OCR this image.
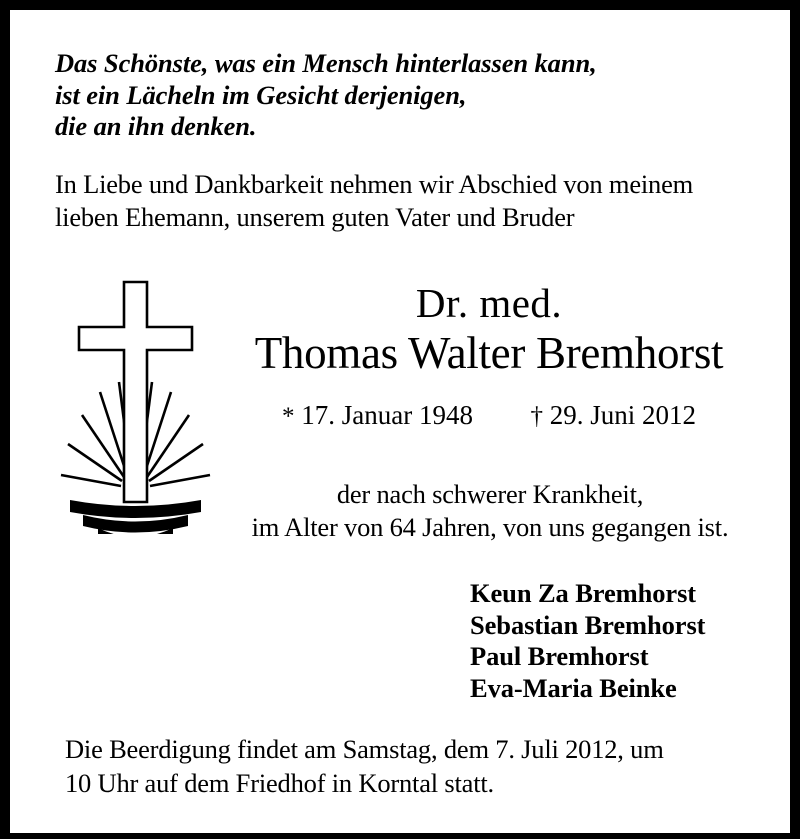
Das Schönste, was ein Mensch hinterlassen kann,
ist ein Lächeln im Gesicht derjenigen,
die an ihn denken.
In Liebe und Dankbarkeit nehmen wir Abschied von meinem
lieben Ehemann, unserem guten Vater und Bruder
Dr. med.
Thomas Walter Bremhorst
* 17. Januar 1948 † 29. Juni 2012
der nach schwerer Krankheit,
im Alter von 64 Jahren, von uns gegangen ist.
Keun Za Bremhorst
Sebastian Bremhorst
Paul Bremhorst
Eva-Maria Beinke
Die Beerdigung findet am Samstag, dem 7. Juli 2012, um
10 Uhr auf dem Friedhof in Korntal statt.
